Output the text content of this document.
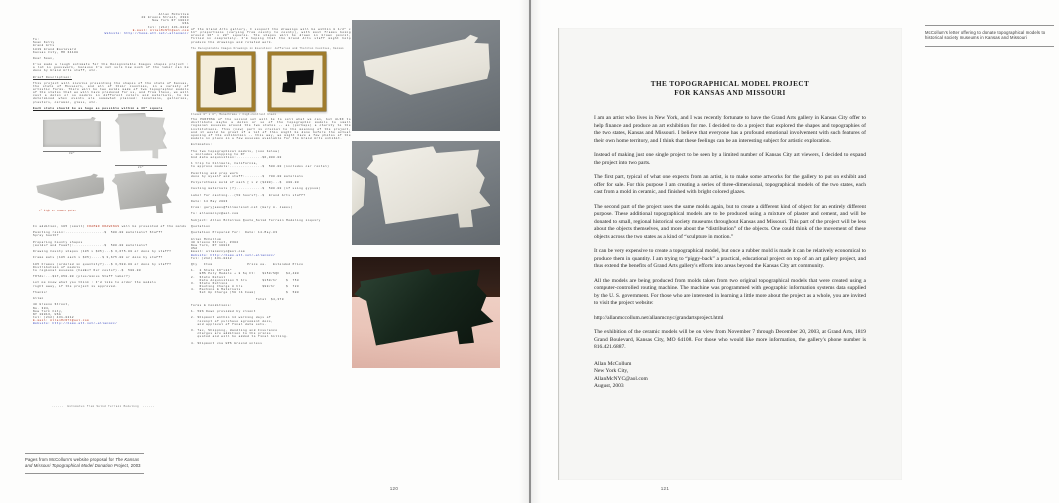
Allan McCollum
40 Greene Street, #304
New York NY 10013
USA
tel: (212) 431-0212
E-mail: AllanMcNYC@aol.com
Website: http://home.att.net/~allanmcc/
To:
Sean Kelly
Grand Arts
1819 Grand Boulevard
Kansas City, MO 64108
Dear Sean,
I've made a rough estimate for the Recognizable Images shapes project : a lot is guesswork, because I'm not sure how much of the labor can be done by Grand Arts staff, etc.
Brief Description:
This project will involve presenting the shapes of the state of Kansas, the state of Missouri, and all of their counties, in a variety of artistic forms. There will be two molds made of two topographic models of the states that we will have produced for us, and from these, we will cast a dozen or so models in different colors and materials, to be determined when events are somewhat planned: locations, galleries, plasters, ceramic, glass, etc.
Each state should be as huge as possible within a 36" square
38"
24"
2" high at LOWEST point
In addition, 105 (small) FRAMED DRAWINGS will be presented of the molds
Painting resin:..................$  500.00 materials? Staff?
Spray booth?

Preparing County shapes
(molds? and foam?):..............$  500.00 materials?

Drawing County shapes (105 x $35)...$ 3,675.00 or done by staff?

Frame mats (105 each x $35).....$ 3,675.00 or done by staff?

105 Frames (ordered in quantity?)...$ 3,500.00 or done by staff?
Distribution of models
to regional museums (FedEx? Our costs?)..$  500.00

TOTAL:...$17,050.00 (plus/minus Staff labor?)
Let me know what you think : I'd like to order the models
right away, if the project is approved.

Thanks!

Allan
40 Greene Street,
No. 304,
New York City,
NY 10013, USA
tel: (212) 431-0212
E-mail: AllanMcNYC@aol.com
Website: http://home.att.net/~allanmcc/
------  Estimates from Solid Terrain Modeling  ------
of the Grand Arts gallery, I suspect the drawings will be within 8 1/2" x 11" proportions (varying from county to county), with most frames being around 16" x 20" squares. The shapes will be drawn in brown pencil, filled in completely. I'm hoping that the Grand Arts staff might help produce the drawings and related work.
The Recognizable Images Drawings in Execution: Jefferson and Thornton Counties, Kansas
Frames 8" x 8", Monochrome / high-contrast black
The PURPOSE of the second set will be to sell what we can, but ALSO to distribute maybe a dozen or so of the topographic models to small regional museums around the two states -- as (perhaps) a charity to the institutions. This (new) part is crucial to the meaning of the project, and it would be great if a lot of this might be done before the actual opening of the exhibition -- this way, we might have a few photos of the models in place in a few museums available for the Grand Arts exhibit.
Estimates:

The two topographical models, (see below)
+ includes shipping to NY
And data acquisition:............$6,000.00

1 trip to Fillmore, California,
to approve models:...............$  500.00 (includes car rental)

Painting and prep work
done by myself and staff:........$  700.00 materials

Polyurethane mold of each [ x 2 ($400)...$  800.00

Casting materials (?)............$  500.00 (if using gypsum)

Labor for casting...(50 hours?)..$  Grand Arts staff?
Date: 14 May 2003

From: garyjames@fillmorenet.net (Gary A. James)

To: allanmcnyc@aol.com

Subject: Allan McCollum Quote_Solid Terrain Modeling inquiry

Quotation

Quotation Prepared for:  Date: 14-May-03

Allan McCollum
40 Greene Street, #304
New York, NY 10013
USA
Email: allanmcnyc@aol.com
Website: http://home.att.net/~allanmcc/
Tel: (212) 431-0212

Qty   Item                Price ea.   Extended Price

1.  2 State 16"x24"
EMS Poly Models + 8 Sq Ft:   $150/SQF   $2,400
2.  State Detail
Data Acquisition 5 hrs       $150/hr    $  750
3.  State Outline
Routing Charge 8 hrs         $90/hr     $  720
4.  Machine & Materials
Set Up Charge (50 lb Foam)              $  500

Total  $4,370
Terms & Conditions:

1. 50% Down provided by client

2. Shipment within 14 working days of
receipt of purchase agreement docs,
and approval of final data sets.

3. Tax, Shipping, Handling and Insurance
charges are addition to the prices
quoted and will be added to final billing.

4. Shipment via UPS Ground unless
Pages from McCollum's website proposal for The Kansas and Missouri Topographical Model Donation Project, 2003
120
THE TOPOGRAPHICAL MODEL PROJECT
FOR KANSAS AND MISSOURI
I am an artist who lives in New York, and I was recently fortunate to have the Grand Arts gallery in Kansas City offer to help finance and produce an art exhibition for me. I decided to do a project that explored the shapes and topographies of the two states, Kansas and Missouri. I believe that everyone has a profound emotional involvement with such features of their own home territory, and I think that these feelings can be an interesting subject for artistic exploration.
Instead of making just one single project to be seen by a limited number of Kansas City art viewers, I decided to expand the project into two parts.
The first part, typical of what one expects from an artist, is to make some artworks for the gallery to put on exhibit and offer for sale. For this purpose I am creating a series of three-dimensional, topographical models of the two states, each cast from a mold in ceramic, and finished with bright colored glazes.
The second part of the project uses the same molds again, but to create a different kind of object for an entirely different purpose. These additional topographical models are to be produced using a mixture of plaster and cement, and will be donated to small, regional historical society museums throughout Kansas and Missouri. This part of the project will be less about the objects themselves, and more about the “distribution” of the objects. One could think of the movement of these objects across the two states as a kind of “sculpture in motion.”
It can be very expensive to create a topographical model, but once a rubber mold is made it can be relatively economical to produce them in quantity. I am trying to “piggy-back” a practical, educational project on top of an art gallery project, and thus extend the benefits of Grand Arts gallery's efforts into areas beyond the Kansas City art community.
All the models are being produced from molds taken from two original topographical models that were created using a computer-controlled routing machine. The machine was programmed with geographic information systems data supplied by the U. S. government. For those who are interested in learning a little more about the project as a whole, you are invited to visit the project website:
http://allanmccollum.net/allanmcnyc/grandartsproject.html
The exhibition of the ceramic models will be on view from November 7 through December 20, 2003, at Grand Arts, 1819 Grand Boulevard, Kansas City, MO 64108. For those who would like more information, the gallery's phone number is 816.421.6887.
Allan McCollum
New York City,
AllanMcNYC@aol.com
August, 2003
McCollum's letter offering to donate topographical models to historical society museums in Kansas and Missouri
121
